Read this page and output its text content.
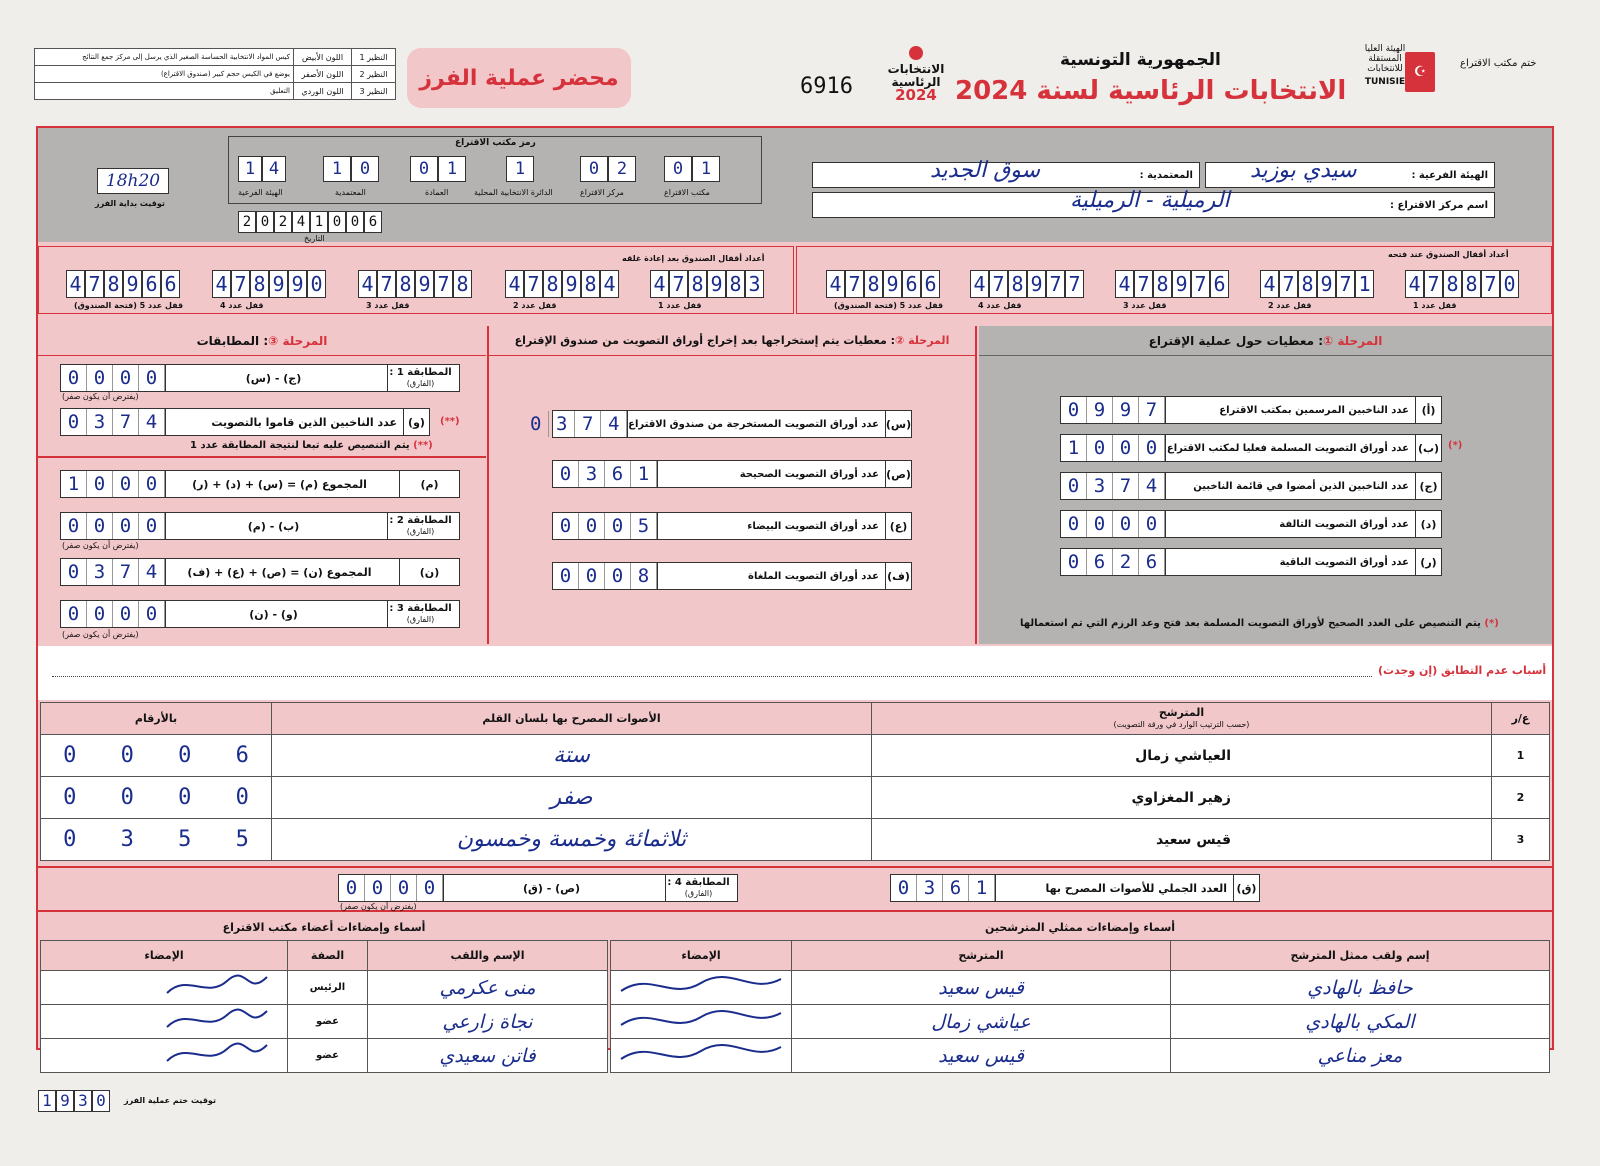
النظير 1	اللون الأبيض	كيس المواد الانتخابية الحساسة الصغير الذي يرسل إلى مركز جمع النتائج
النظير 2	اللون الأصفر	يوضع في الكيس حجم كبير (صندوق الاقتراع)
النظير 3	اللون الوردي	التعليق
محضر عملية الفرز	6916
الانتخابات
الرئاسية
2024
الجمهورية التونسية
الانتخابات الرئاسية لسنة 2024
الهيئة العليا
المستقلة
للانتخابات
TUNISIE
☪
ختم مكتب الاقتراع
رمز مكتب الاقتراع
1 4
الهيئة الفرعية
1	0
المعتمدية
0	1
العمادة
1
الدائرة الانتخابية المحلية
0	2
مركز الاقتراع
0	1
مكتب الاقتراع
18h20
توقيت بداية الفرز
2 0 2 4 1 0 0 6
التاريخ
الهيئة الفرعية :
سيدي بوزيد
المعتمدية :
سوق الجديد
اسم مركز الاقتراع :
الرميلية - الرميلية
أعداد أقفال الصندوق بعد إعادة غلقه	أعداد أقفال الصندوق عند فتحه
4 7 8 9 6 6
قفل عدد 5 (فتحة الصندوق)
4 7 8 9 9 0
قفل عدد 4
4 7 8 9 7 8
قفل عدد 3
4 7 8 9 8 4
قفل عدد 2
4 7 8 9 8 3
قفل عدد 1
4 7 8 9 6 6
قفل عدد 5 (فتحة الصندوق)
4 7 8 9 7 7
قفل عدد 4
4 7 8 9 7 6
قفل عدد 3
4 7 8 9 7 1
قفل عدد 2
4 7 8 8 7 0
قفل عدد 1
المرحلة ③
: المطابقات
المطابقة 1 :
(الفارق)
(ج) - (س)
0 0 0 0
(يفترض أن يكون صفر)
(و)
عدد الناخبين الذين قاموا بالتصويت
0 3 7 4	(**)
(**) يتم التنصيص عليه تبعا لنتيجة المطابقة عدد 1
(م)
المجموع (م) = (س) + (د) + (ر)
1 0 0 0
المطابقة 2 :
(الفارق)
(ب) - (م)
0 0 0 0
(يفترض أن يكون صفر)
(ن)
المجموع (ن) = (ص) + (ع) + (ف)
0 3 7 4
المطابقة 3 :
(الفارق)
(و) - (ن)
0 0 0 0
(يفترض أن يكون صفر)
المرحلة ②
: معطيات يتم إستخراجها بعد إخراج أوراق التصويت من صندوق الإقتراع
(س)
عدد أوراق التصويت المستخرجة من صندوق الاقتراع
0 3 7 4
(ص)
عدد أوراق التصويت الصحيحة
0 3 6 1
(ع)
عدد أوراق التصويت البيضاء
0 0 0 5
(ف)
عدد أوراق التصويت الملغاة
0 0 0 8
المرحلة ①
: معطيات حول عملية الإقتراع
(أ)
عدد الناخبين المرسمين بمكتب الاقتراع
0 9 9 7
(ب)
عدد أوراق التصويت المسلمة فعليا لمكتب الاقتراع
1 0 0 0	(*)
(ج)
عدد الناخبين الذين أمضوا في قائمة الناخبين
0 3 7 4
(د)
عدد أوراق التصويت التالفة
0 0 0 0
(ر)
عدد أوراق التصويت الباقية
0 6 2 6
(*) يتم التنصيص على العدد الصحيح لأوراق التصويت المسلمة بعد فتح وعد الرزم التي تم استعمالها
أسباب عدم التطابق (إن وجدت)
ع/ر	المترشح
(حسب الترتيب الوارد في ورقة التصويت)	الأصوات المصرح بها بلسان القلم	بالأرقام
1	العياشي زمال	ستة	0 0 0 6

2	زهير المغزاوي	صفر	0 0 0 0

3	قيس سعيد	ثلاثمائة وخمسة وخمسون	0 3 5 5
(ق)
العدد الجملي للأصوات المصرح بها
0 3 6 1
المطابقة 4 :
(الفارق)
(ص) - (ق)
0 0 0 0
(يفترض أن يكون صفر)
أسماء وإمضاءات ممثلي المترشحين
أسماء وإمضاءات أعضاء مكتب الاقتراع
إسم ولقب ممثل المترشح	المترشح	الإمضاء
حافظ بالهادي	قيس سعيد	
المكي بالهادي	عياشي زمال	
معز مناعي	قيس سعيد	
الإسم واللقب	الصفة	الإمضاء
منى عكرمي	الرئيس	
نجاة زارعي	عضو	
فاتن سعيدي	عضو	
1 9 3 0	توقيت ختم عملية الفرز
